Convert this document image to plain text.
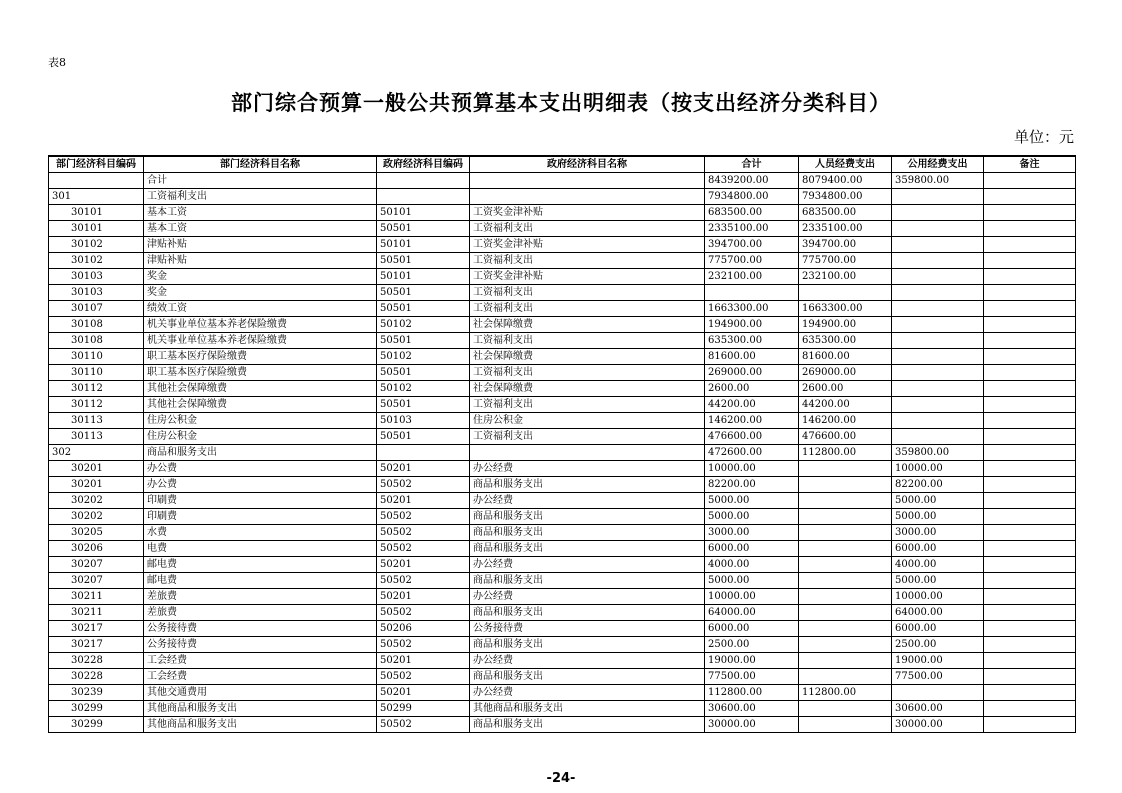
表8
部门综合预算一般公共预算基本支出明细表（按支出经济分类科目）
单位：元
部门经济科目编码	部门经济科目名称	政府经济科目编码	政府经济科目名称	合计	人员经费支出	公用经费支出	备注
	合计			8439200.00	8079400.00	359800.00	
301	工资福利支出			7934800.00	7934800.00		
30101	基本工资	50101	工资奖金津补贴	683500.00	683500.00		
30101	基本工资	50501	工资福利支出	2335100.00	2335100.00		
30102	津贴补贴	50101	工资奖金津补贴	394700.00	394700.00		
30102	津贴补贴	50501	工资福利支出	775700.00	775700.00		
30103	奖金	50101	工资奖金津补贴	232100.00	232100.00		
30103	奖金	50501	工资福利支出				
30107	绩效工资	50501	工资福利支出	1663300.00	1663300.00		
30108	机关事业单位基本养老保险缴费	50102	社会保障缴费	194900.00	194900.00		
30108	机关事业单位基本养老保险缴费	50501	工资福利支出	635300.00	635300.00		
30110	职工基本医疗保险缴费	50102	社会保障缴费	81600.00	81600.00		
30110	职工基本医疗保险缴费	50501	工资福利支出	269000.00	269000.00		
30112	其他社会保障缴费	50102	社会保障缴费	2600.00	2600.00		
30112	其他社会保障缴费	50501	工资福利支出	44200.00	44200.00		
30113	住房公积金	50103	住房公积金	146200.00	146200.00		
30113	住房公积金	50501	工资福利支出	476600.00	476600.00		
302	商品和服务支出			472600.00	112800.00	359800.00	
30201	办公费	50201	办公经费	10000.00		10000.00	
30201	办公费	50502	商品和服务支出	82200.00		82200.00	
30202	印刷费	50201	办公经费	5000.00		5000.00	
30202	印刷费	50502	商品和服务支出	5000.00		5000.00	
30205	水费	50502	商品和服务支出	3000.00		3000.00	
30206	电费	50502	商品和服务支出	6000.00		6000.00	
30207	邮电费	50201	办公经费	4000.00		4000.00	
30207	邮电费	50502	商品和服务支出	5000.00		5000.00	
30211	差旅费	50201	办公经费	10000.00		10000.00	
30211	差旅费	50502	商品和服务支出	64000.00		64000.00	
30217	公务接待费	50206	公务接待费	6000.00		6000.00	
30217	公务接待费	50502	商品和服务支出	2500.00		2500.00	
30228	工会经费	50201	办公经费	19000.00		19000.00	
30228	工会经费	50502	商品和服务支出	77500.00		77500.00	
30239	其他交通费用	50201	办公经费	112800.00	112800.00		
30299	其他商品和服务支出	50299	其他商品和服务支出	30600.00		30600.00	
30299	其他商品和服务支出	50502	商品和服务支出	30000.00		30000.00	
-24-
